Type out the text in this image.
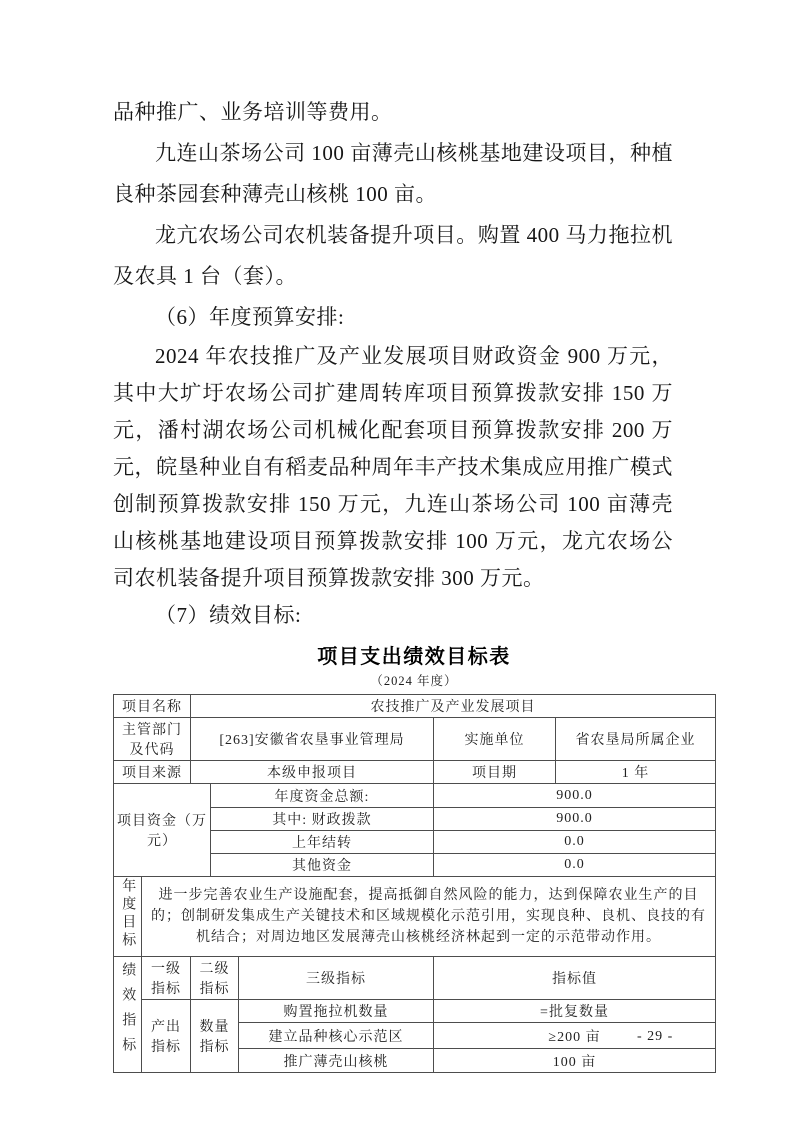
品种推广、业务培训等费用。

九连山茶场公司 100 亩薄壳山核桃基地建设项目，种植良种茶园套种薄壳山核桃 100 亩。

龙亢农场公司农机装备提升项目。购置 400 马力拖拉机及农具 1 台（套）。

（6）年度预算安排:

2024 年农技推广及产业发展项目财政资金 900 万元，其中大圹圩农场公司扩建周转库项目预算拨款安排 150 万元，潘村湖农场公司机械化配套项目预算拨款安排 200 万元，皖垦种业自有稻麦品种周年丰产技术集成应用推广模式创制预算拨款安排 150 万元，九连山茶场公司 100 亩薄壳山核桃基地建设项目预算拨款安排 100 万元，龙亢农场公司农机装备提升项目预算拨款安排 300 万元。

（7）绩效目标:

项目支出绩效目标表
（2024 年度）
项目名称		农技推广及产业发展项目				
主管部门及代码		[263]安徽省农垦事业管理局			实施单位	省农垦局所属企业
项目来源		本级申报项目			项目期	1 年
项目资金（万元）			年度资金总额:		900.0	
			其中: 财政拨款		900.0	
			上年结转		0.0	
			其他资金		0.0	
年度目标	进一步完善农业生产设施配套，提高抵御自然风险的能力，达到保障农业生产的目的；创制研发集成生产关键技术和区域规模化示范引用，实现良种、良机、良技的有机结合；对周边地区发展薄壳山核桃经济林起到一定的示范带动作用。					
绩效指标	一级指标	二级指标		三级指标	指标值	
	产出指标	数量指标		购置拖拉机数量	=批复数量	
				建立品种核心示范区	≥200 亩	
				推广薄壳山核桃	100 亩	
- 29 -
